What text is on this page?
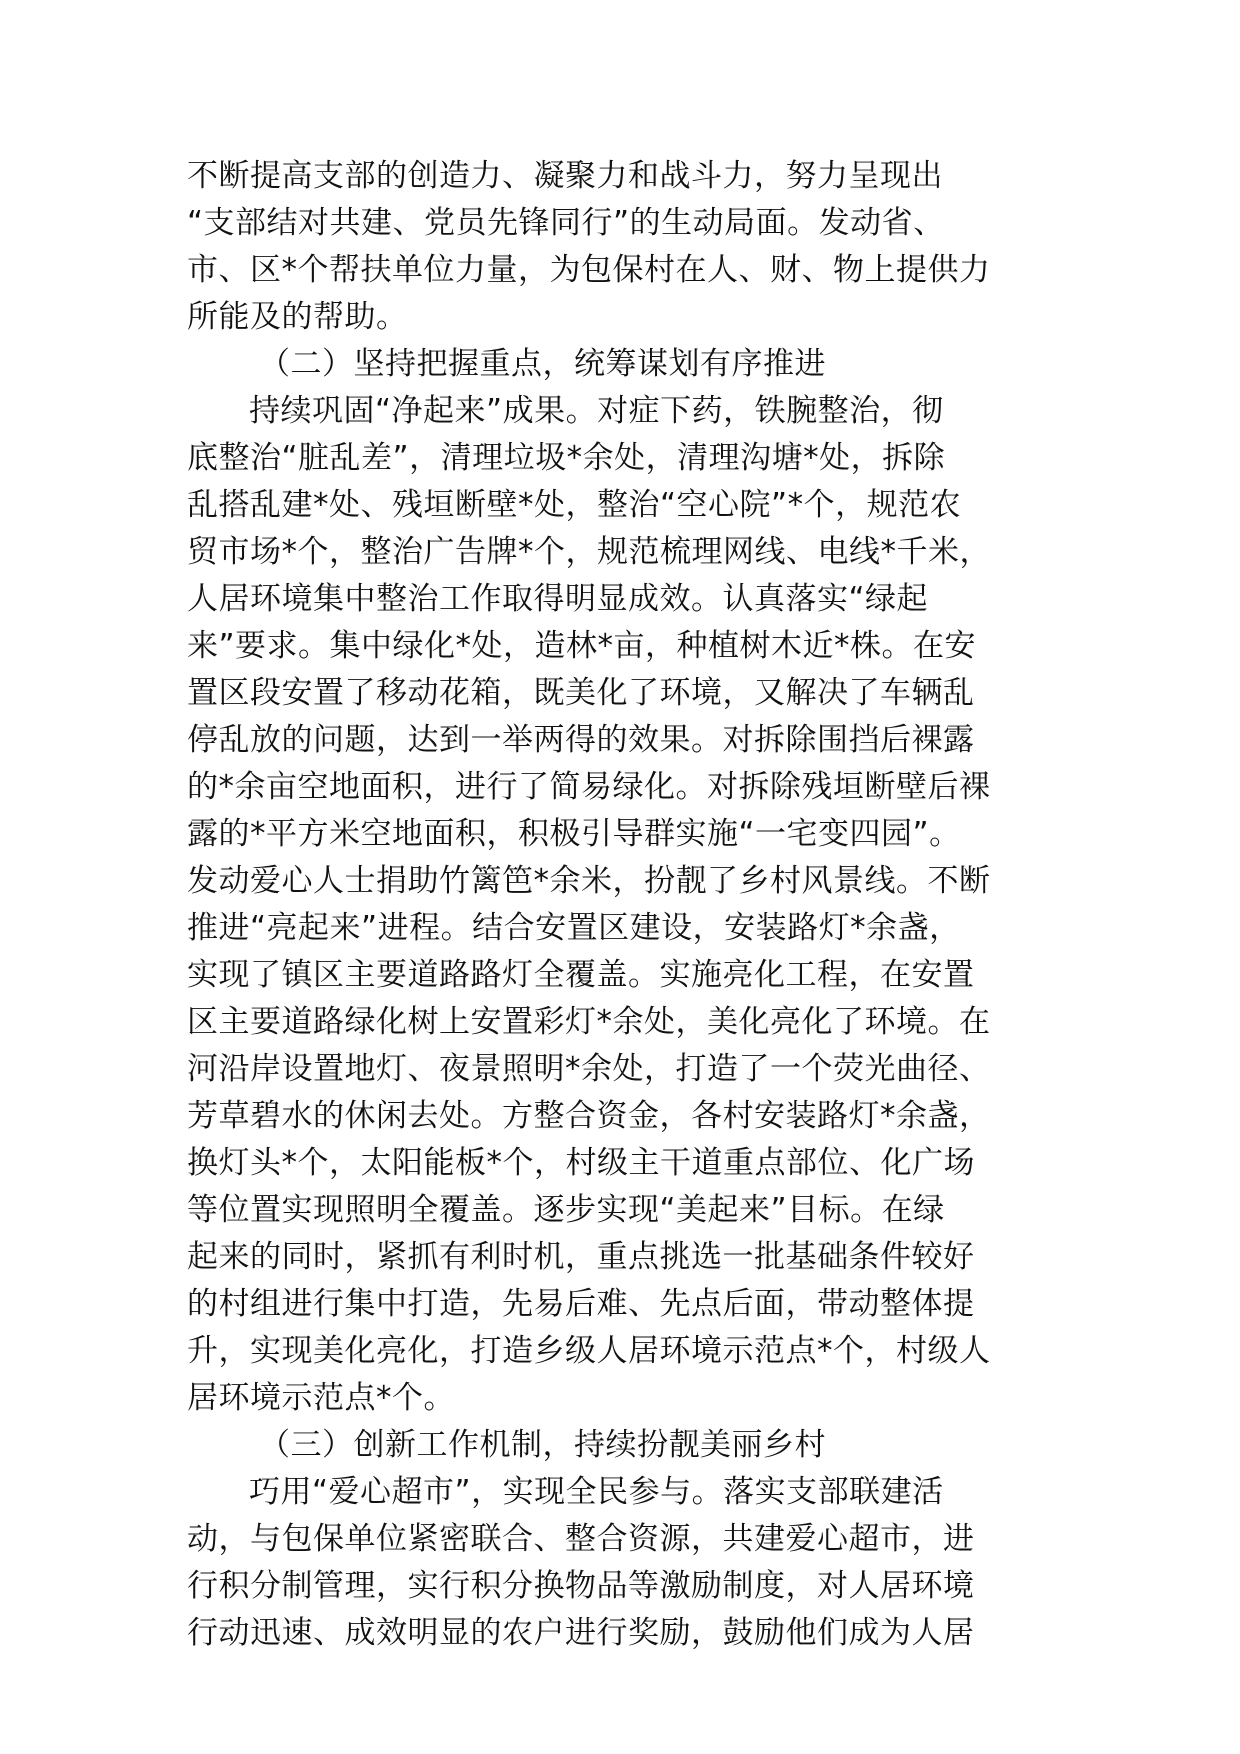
不断提高支部的创造力、凝聚力和战斗力，努力呈现出
“支部结对共建、党员先锋同行”的生动局面。发动省、
市、区*个帮扶单位力量，为包保村在人、财、物上提供力
所能及的帮助。
（二）坚持把握重点，统筹谋划有序推进
持续巩固“净起来”成果。对症下药，铁腕整治，彻
底整治“脏乱差”，清理垃圾*余处，清理沟塘*处，拆除
乱搭乱建*处、残垣断壁*处，整治“空心院”*个，规范农
贸市场*个，整治广告牌*个，规范梳理网线、电线*千米，
人居环境集中整治工作取得明显成效。认真落实“绿起
来”要求。集中绿化*处，造林*亩，种植树木近*株。在安
置区段安置了移动花箱，既美化了环境，又解决了车辆乱
停乱放的问题，达到一举两得的效果。对拆除围挡后裸露
的*余亩空地面积，进行了简易绿化。对拆除残垣断壁后裸
露的*平方米空地面积，积极引导群实施“一宅变四园”。
发动爱心人士捐助竹篱笆*余米，扮靓了乡村风景线。不断
推进“亮起来”进程。结合安置区建设，安装路灯*余盏，
实现了镇区主要道路路灯全覆盖。实施亮化工程，在安置
区主要道路绿化树上安置彩灯*余处，美化亮化了环境。在
河沿岸设置地灯、夜景照明*余处，打造了一个荧光曲径、
芳草碧水的休闲去处。方整合资金，各村安装路灯*余盏，
换灯头*个，太阳能板*个，村级主干道重点部位、化广场
等位置实现照明全覆盖。逐步实现“美起来”目标。在绿
起来的同时，紧抓有利时机，重点挑选一批基础条件较好
的村组进行集中打造，先易后难、先点后面，带动整体提
升，实现美化亮化，打造乡级人居环境示范点*个，村级人
居环境示范点*个。
（三）创新工作机制，持续扮靓美丽乡村
巧用“爱心超市”，实现全民参与。落实支部联建活
动，与包保单位紧密联合、整合资源，共建爱心超市，进
行积分制管理，实行积分换物品等激励制度，对人居环境
行动迅速、成效明显的农户进行奖励，鼓励他们成为人居
